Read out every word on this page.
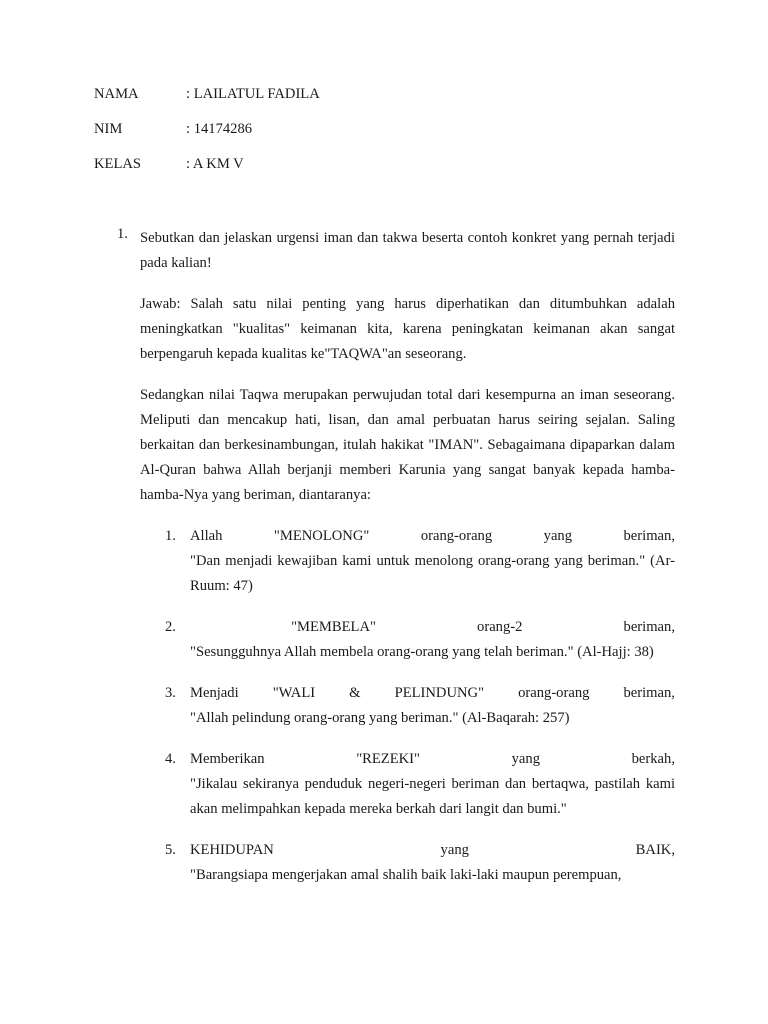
NAMA	: LAILATUL FADILA
NIM	: 14174286
KELAS	: A KM V
1. Sebutkan dan jelaskan urgensi iman dan takwa beserta contoh konkret yang pernah terjadi pada kalian!

Jawab: Salah satu nilai penting yang harus diperhatikan dan ditumbuhkan adalah meningkatkan "kualitas" keimanan kita, karena peningkatan keimanan akan sangat berpengaruh kepada kualitas ke"TAQWA"an seseorang.

Sedangkan nilai Taqwa merupakan perwujudan total dari kesempurna an iman seseorang. Meliputi dan mencakup hati, lisan, dan amal perbuatan harus seiring sejalan. Saling berkaitan dan berkesinambungan, itulah hakikat "IMAN". Sebagaimana dipaparkan dalam Al-Quran bahwa Allah berjanji memberi Karunia yang sangat banyak kepada hamba-hamba-Nya yang beriman, diantaranya:

1. Allah	"MENOLONG"	orang-orang	yang	beriman,
"Dan menjadi kewajiban kami untuk menolong orang-orang yang beriman." (Ar-Ruum: 47)
2.	"MEMBELA"	orang-2	beriman,
"Sesungguhnya Allah membela orang-orang yang telah beriman." (Al-Hajj: 38)
3. Menjadi "WALI & PELINDUNG" orang-orang beriman,
"Allah pelindung orang-orang yang beriman." (Al-Baqarah: 257)
4. Memberikan	"REZEKI"	yang	berkah,
"Jikalau sekiranya penduduk negeri-negeri beriman dan bertaqwa, pastilah kami akan melimpahkan kepada mereka berkah dari langit dan bumi."
5. KEHIDUPAN	yang	BAIK,
"Barangsiapa mengerjakan amal shalih baik laki-laki maupun perempuan,
